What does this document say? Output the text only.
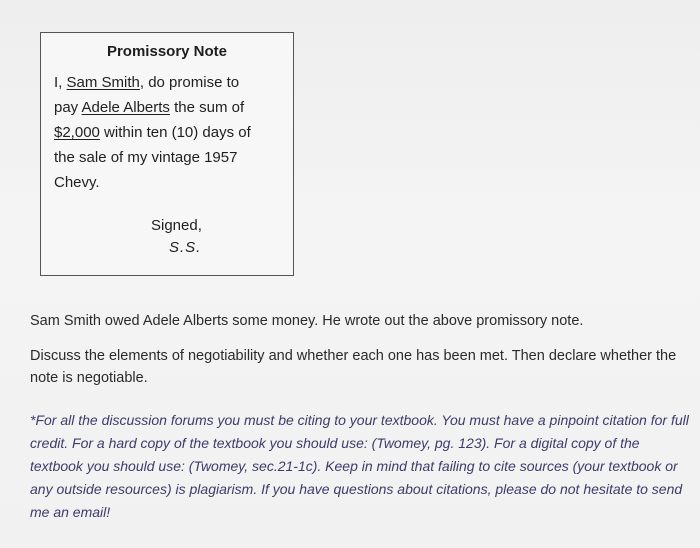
Promissory Note
I, Sam Smith, do promise to
pay Adele Alberts the sum of
$2,000 within ten (10) days of
the sale of my vintage 1957
Chevy.
Signed,
S.S.
Sam Smith owed Adele Alberts some money. He wrote out the above promissory note.
Discuss the elements of negotiability and whether each one has been met. Then declare whether the note is negotiable.
*For all the discussion forums you must be citing to your textbook. You must have a pinpoint citation for full credit. For a hard copy of the textbook you should use: (Twomey, pg. 123). For a digital copy of the textbook you should use: (Twomey, sec.21-1c). Keep in mind that failing to cite sources (your textbook or any outside resources) is plagiarism. If you have questions about citations, please do not hesitate to send me an email!
